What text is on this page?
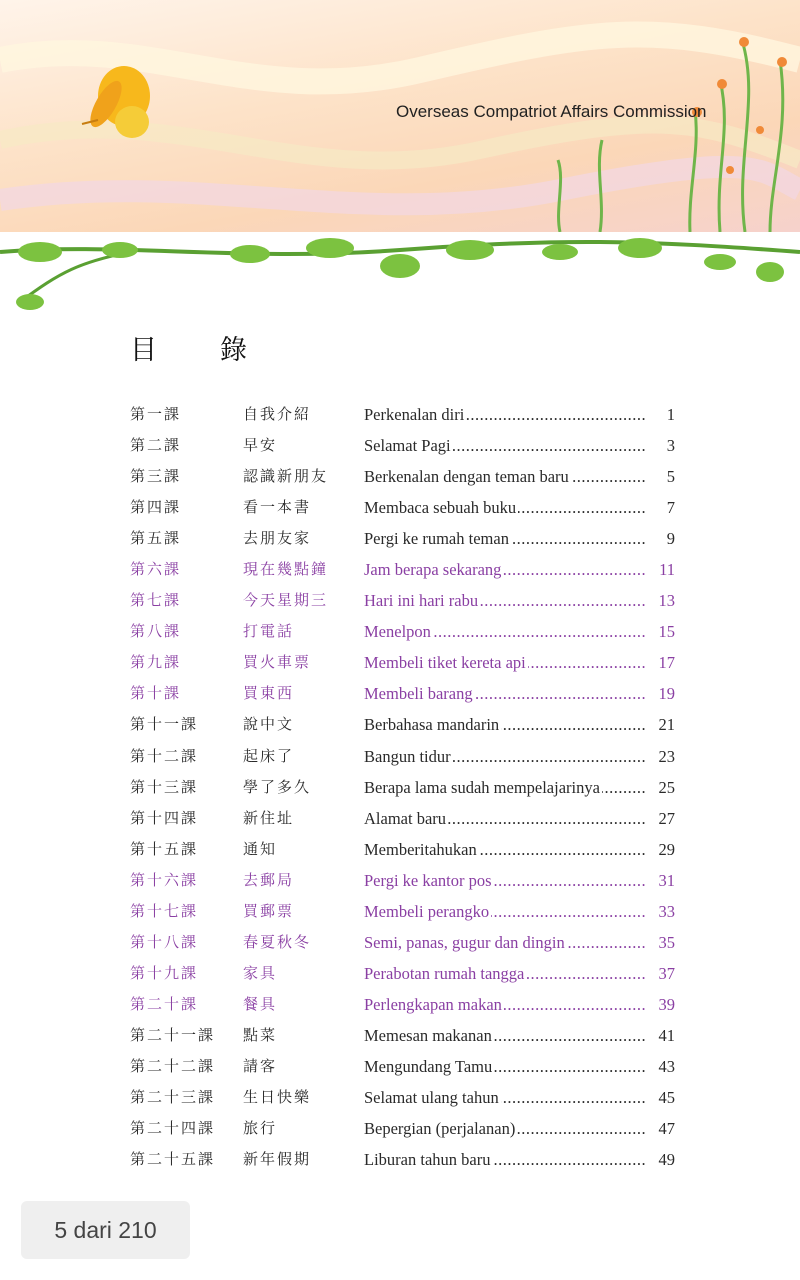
Overseas Compatriot Affairs Commission
目 錄
第一課	自我介紹	Perkenalan diri .....	1
第二課	早安	Selamat Pagi .....	3
第三課	認識新朋友 Berkenalan dengan teman baru .....	5
第四課	看一本書	Membaca sebuah buku .....	7
第五課	去朋友家	Pergi ke rumah teman .....	9
第六課	現在幾點鐘 Jam berapa sekarang .....	11
第七課	今天星期三 Hari ini hari rabu .....	13
第八課	打電話	Menelpon .....	15
第九課	買火車票	Membeli tiket kereta api .....	17
第十課	買東西	Membeli barang .....	19
第十一課	說中文	Berbahasa mandarin .....	21
第十二課	起床了	Bangun tidur .....	23
第十三課	學了多久	Berapa lama sudah mempelajarinya .....	25
第十四課	新住址	Alamat baru .....	27
第十五課	通知	Memberitahukan .....	29
第十六課	去郵局	Pergi ke kantor pos .....	31
第十七課	買郵票	Membeli perangko .....	33
第十八課	春夏秋冬	Semi, panas, gugur dan dingin .....	35
第十九課	家具	Perabotan rumah tangga .....	37
第二十課	餐具	Perlengkapan makan .....	39
第二十一課 點菜	Memesan makanan .....	41
第二十二課 請客	Mengundang Tamu .....	43
第二十三課 生日快樂	Selamat ulang tahun .....	45
第二十四課 旅行	Bepergian (perjalanan) .....	47
第二十五課 新年假期	Liburan tahun baru .....	49
5 dari 210
